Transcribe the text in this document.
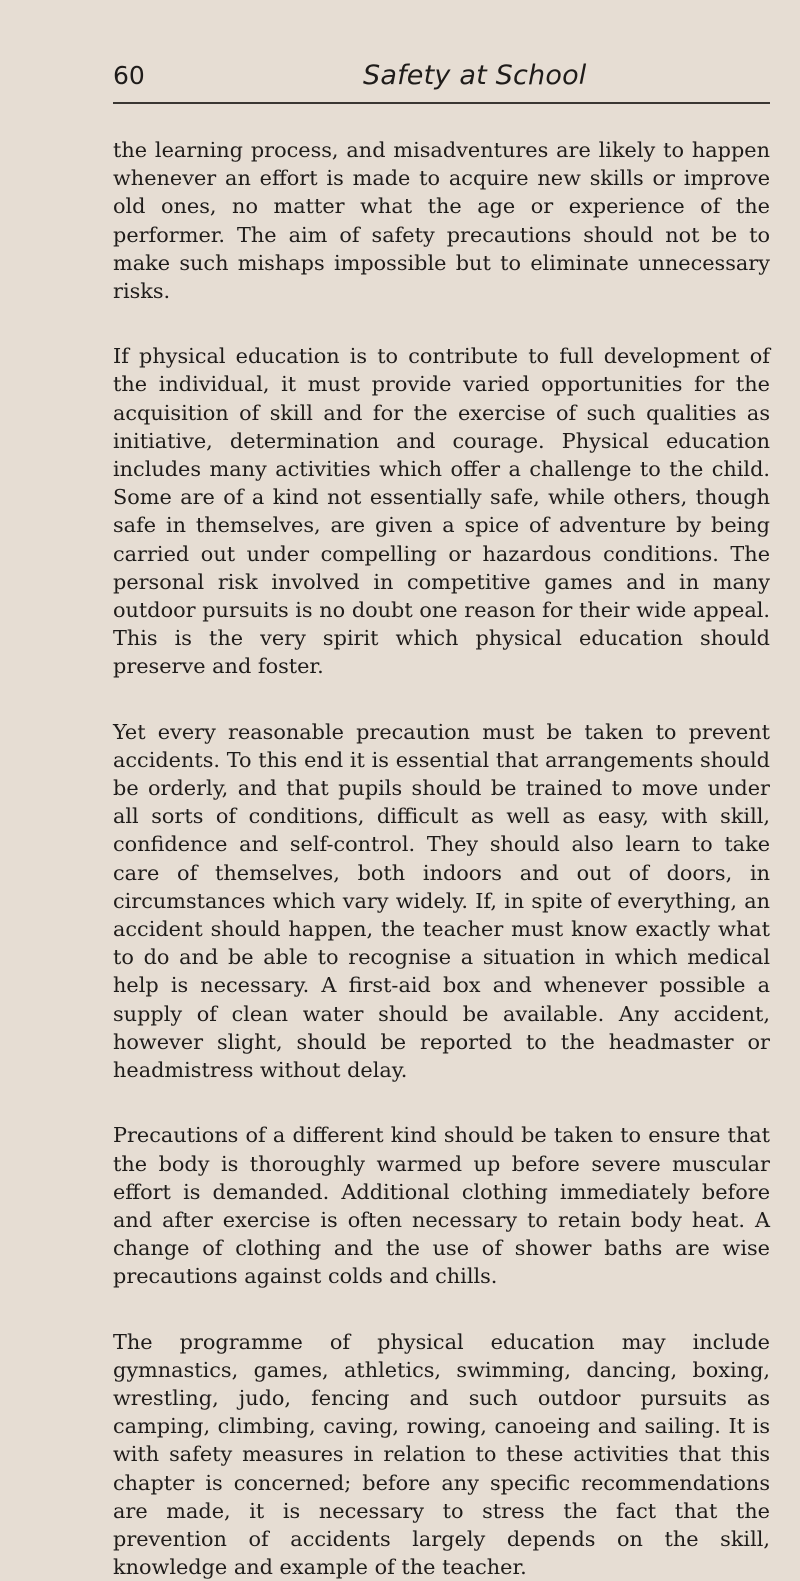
60	Safety at School

the learning process, and misadventures are likely to happen whenever an effort is made to acquire new skills or improve old ones, no matter what the age or experience of the performer. The aim of safety precautions should not be to make such mishaps impossible but to eliminate unnecessary risks.

If physical education is to contribute to full development of the individual, it must provide varied opportunities for the acquisition of skill and for the exercise of such qualities as initiative, determination and courage. Physical education includes many activities which offer a challenge to the child. Some are of a kind not essentially safe, while others, though safe in themselves, are given a spice of adventure by being carried out under compelling or hazardous conditions. The personal risk involved in competitive games and in many outdoor pursuits is no doubt one reason for their wide appeal. This is the very spirit which physical education should preserve and foster.

Yet every reasonable precaution must be taken to prevent accidents. To this end it is essential that arrangements should be orderly, and that pupils should be trained to move under all sorts of conditions, difficult as well as easy, with skill, confidence and self-control. They should also learn to take care of themselves, both indoors and out of doors, in circumstances which vary widely. If, in spite of everything, an accident should happen, the teacher must know exactly what to do and be able to recognise a situation in which medical help is necessary. A first-aid box and whenever possible a supply of clean water should be available. Any accident, however slight, should be reported to the headmaster or headmistress without delay.

Precautions of a different kind should be taken to ensure that the body is thoroughly warmed up before severe muscular effort is demanded. Additional clothing immediately before and after exercise is often necessary to retain body heat. A change of clothing and the use of shower baths are wise precautions against colds and chills.

The programme of physical education may include gymnastics, games, athletics, swimming, dancing, boxing, wrestling, judo, fencing and such outdoor pursuits as camping, climbing, caving, rowing, canoeing and sailing. It is with safety measures in relation to these activities that this chapter is concerned; before any specific recommendations are made, it is necessary to stress the fact that the prevention of accidents largely depends on the skill, knowledge and example of the teacher.
